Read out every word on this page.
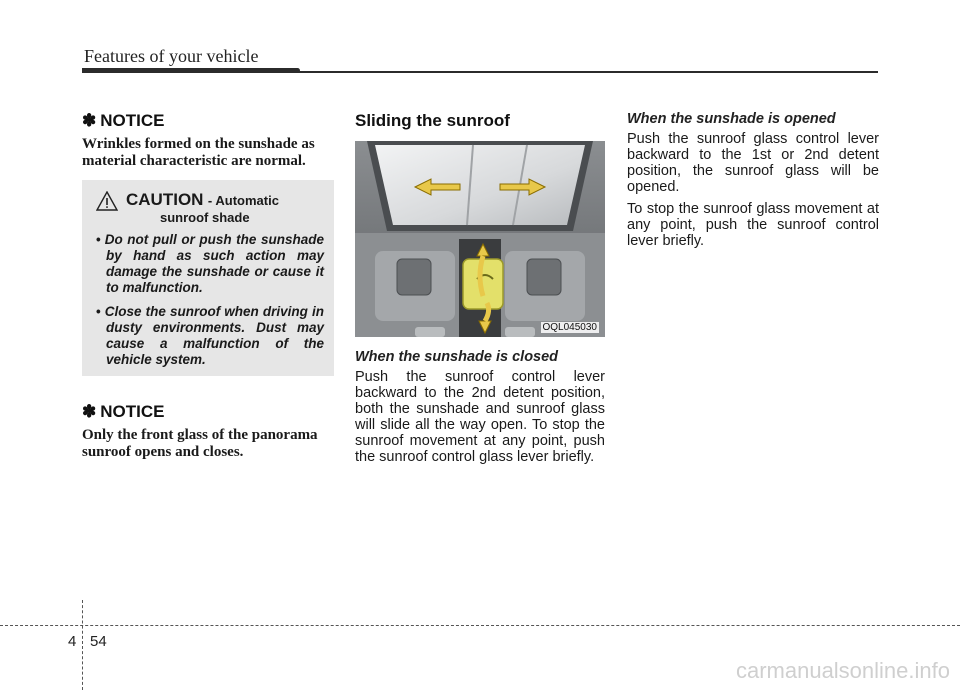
Features of your vehicle
✽ NOTICE

Wrinkles formed on the sunshade as material characteristic are normal.

CAUTION - Automatic
sunroof shade
• Do not pull or push the sunshade by hand as such action may damage the sunshade or cause it to malfunction.
• Close the sunroof when driving in dusty environments. Dust may cause a malfunction of the vehicle system.
✽ NOTICE

Only the front glass of the panorama sunroof opens and closes.

Sliding the sunroof
OQL045030
When the sunshade is closed

Push the sunroof control lever backward to the 2nd detent position, both the sunshade and sunroof glass will slide all the way open. To stop the sunroof movement at any point, push the sunroof control glass lever briefly.

When the sunshade is opened

Push the sunroof glass control lever backward to the 1st or 2nd detent position, the sunroof glass will be opened.

To stop the sunroof glass movement at any point, push the sunroof control lever briefly.

4 54
carmanualsonline.info
